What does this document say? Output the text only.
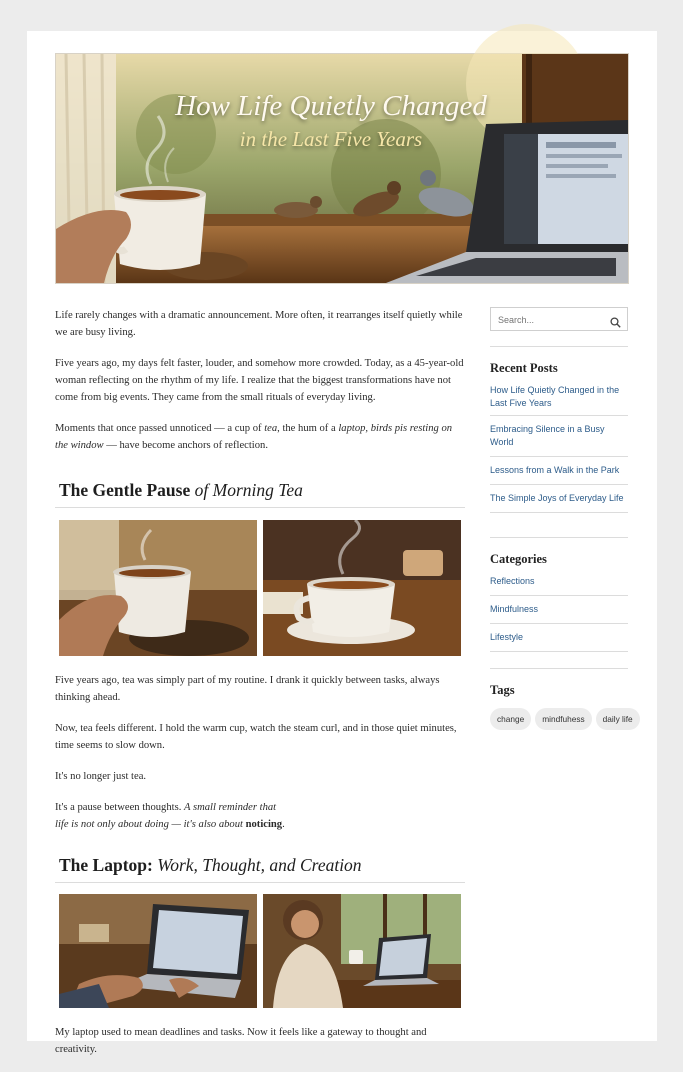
How Life Quietly Changed
in the Last Five Years

Life rarely changes with a dramatic announcement. More often, it rearranges itself quietly while we are busy living.

Five years ago, my days felt faster, louder, and somehow more crowded. Today, as a 45-year-old woman reflecting on the rhythm of my life. I realize that the biggest transformations have not come from big events. They came from the small rituals of everyday living.

Moments that once passed unnoticed — a cup of tea, the hum of a laptop, birds pis resting on the window — have become anchors of reflection.

The Gentle Pause of Morning Tea

Five years ago, tea was simply part of my routine. I drank it quickly between tasks, always thinking ahead.

Now, tea feels different. I hold the warm cup, watch the steam curl, and in those quiet minutes, time seems to slow down.

It's no longer just tea.

It's a pause between thoughts. A small reminder that
life is not only about doing — it's also about noticing.

The Laptop: Work, Thought, and Creation

My laptop used to mean deadlines and tasks. Now it feels like a gateway to thought and creativity.

Search...
Recent Posts
How Life Quietly Changed in the Last Five Years
Embracing Silence in a Busy World
Lessons from a Walk in the Park
The Simple Joys of Everyday Life
Categories
Reflections
Mindfulness
Lifestyle
Tags
change	mindfuhess	daily life
